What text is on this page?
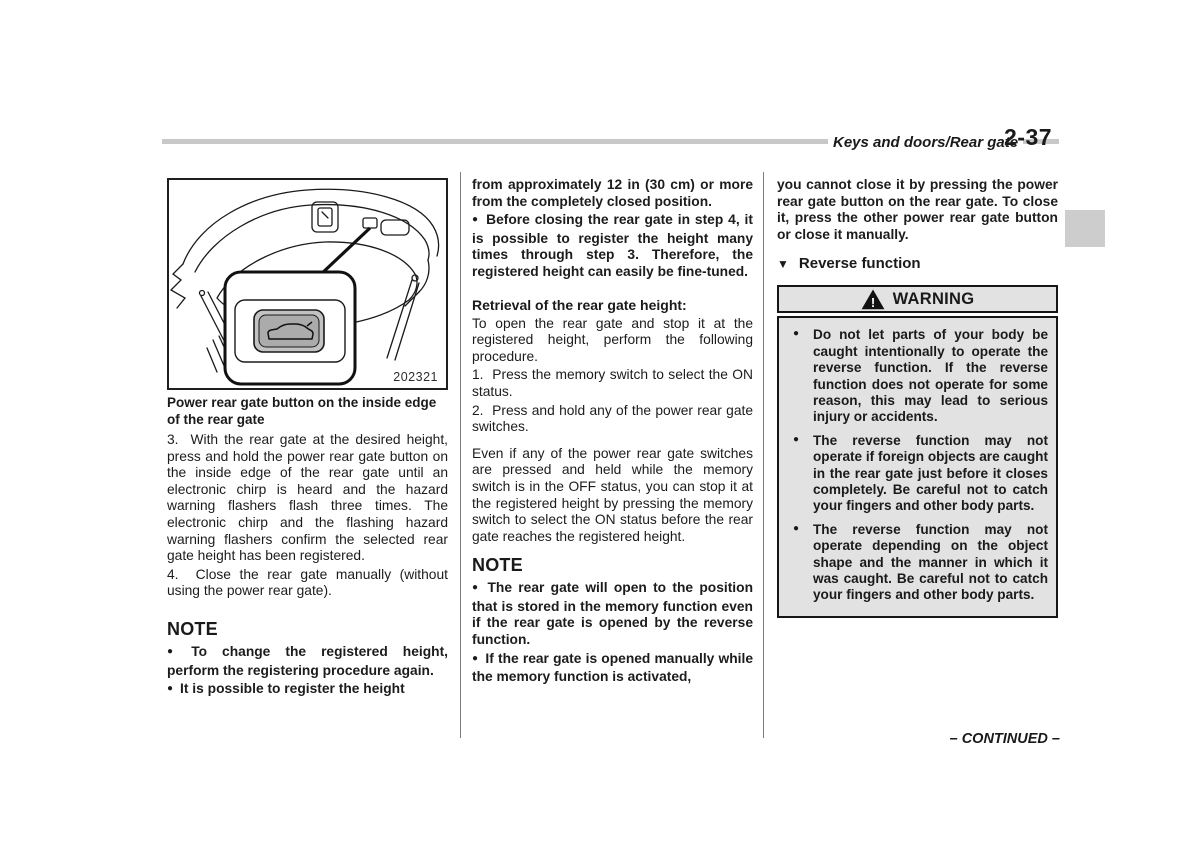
Keys and doors/Rear gate
2-37
202321
Power rear gate button on the inside edge of the rear gate

3.  With the rear gate at the desired height, press and hold the power rear gate button on the inside edge of the rear gate until an electronic chirp is heard and the hazard warning flashers flash three times. The electronic chirp and the flashing hazard warning flashers confirm the selected rear gate height has been registered.

4.  Close the rear gate manually (without using the power rear gate).

NOTE

● To change the registered height, perform the registering procedure again.

● It is possible to register the height

from approximately 12 in (30 cm) or more from the completely closed position.

● Before closing the rear gate in step 4, it is possible to register the height many times through step 3. Therefore, the registered height can easily be fine-tuned.

Retrieval of the rear gate height:

To open the rear gate and stop it at the registered height, perform the following procedure.

1.  Press the memory switch to select the ON status.

2.  Press and hold any of the power rear gate switches.

Even if any of the power rear gate switches are pressed and held while the memory switch is in the OFF status, you can stop it at the registered height by pressing the memory switch to select the ON status before the rear gate reaches the registered height.

NOTE

● The rear gate will open to the position that is stored in the memory function even if the rear gate is opened by the reverse function.

● If the rear gate is opened manually while the memory function is activated,

you cannot close it by pressing the power rear gate button on the rear gate. To close it, press the other power rear gate button or close it manually.

▼ Reverse function
! WARNING
●	Do not let parts of your body be caught intentionally to operate the reverse function. If the reverse function does not operate for some reason, this may lead to serious injury or accidents.
●	The reverse function may not operate if foreign objects are caught in the rear gate just before it closes completely. Be careful not to catch your fingers and other body parts.
●	The reverse function may not operate depending on the object shape and the manner in which it was caught. Be careful not to catch your fingers and other body parts.
– CONTINUED –
